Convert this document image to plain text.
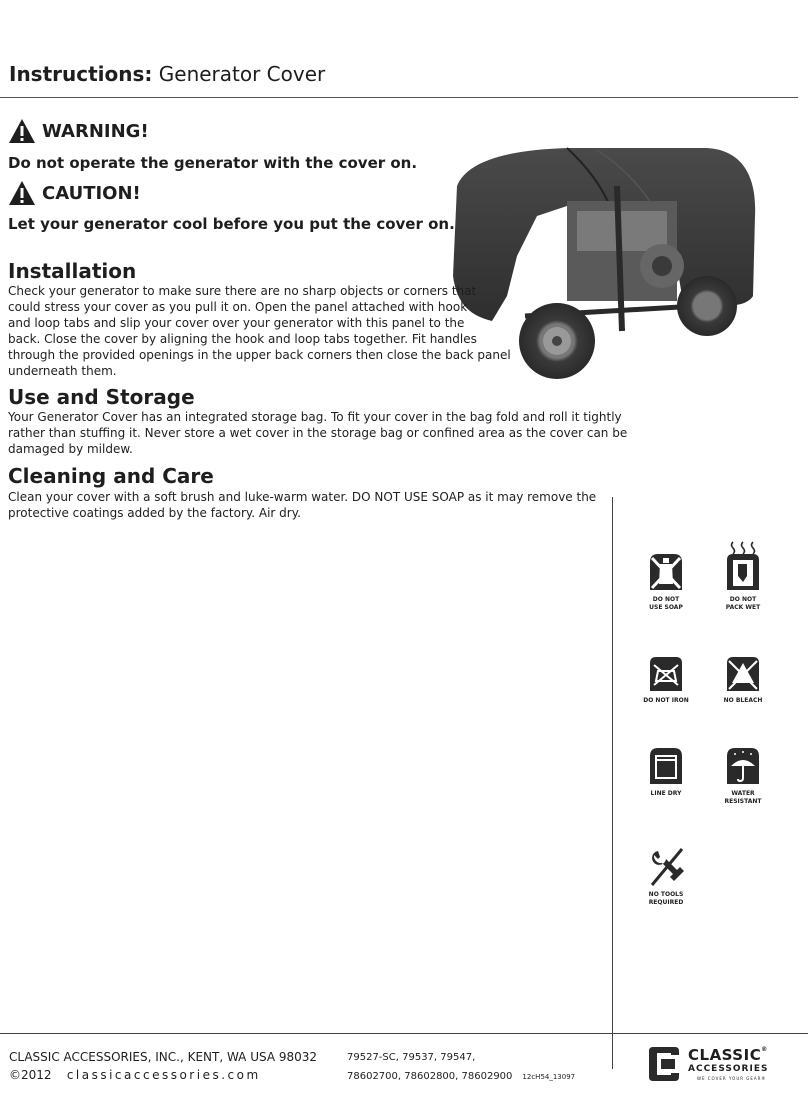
Instructions: Generator Cover
WARNING!
Do not operate the generator with the cover on.
CAUTION!
Let your generator cool before you put the cover on.
Installation
Check your generator to make sure there are no sharp objects or corners that
could stress your cover as you pull it on. Open the panel attached with hook
and loop tabs and slip your cover over your generator with this panel to the
back. Close the cover by aligning the hook and loop tabs together. Fit handles
through the provided openings in the upper back corners then close the back panel
underneath them.
Use and Storage
Your Generator Cover has an integrated storage bag. To fit your cover in the bag fold and roll it tightly
rather than stuffing it. Never store a wet cover in the storage bag or confined area as the cover can be
damaged by mildew.
Cleaning and Care
Clean your cover with a soft brush and luke-warm water. DO NOT USE SOAP as it may remove the
protective coatings added by the factory. Air dry.
DO NOT
USE SOAP
DO NOT
PACK WET
DO NOT IRON	NO BLEACH
LINE DRY	WATER
RESISTANT
NO TOOLS
REQUIRED
CLASSIC ACCESSORIES, INC., KENT, WA USA 98032
©2012 classicaccessories.com
79527-SC, 79537, 79547,
78602700, 78602800, 78602900 12cH54_13097
CLASSIC®
ACCESSORIES
WE COVER YOUR GEAR®
